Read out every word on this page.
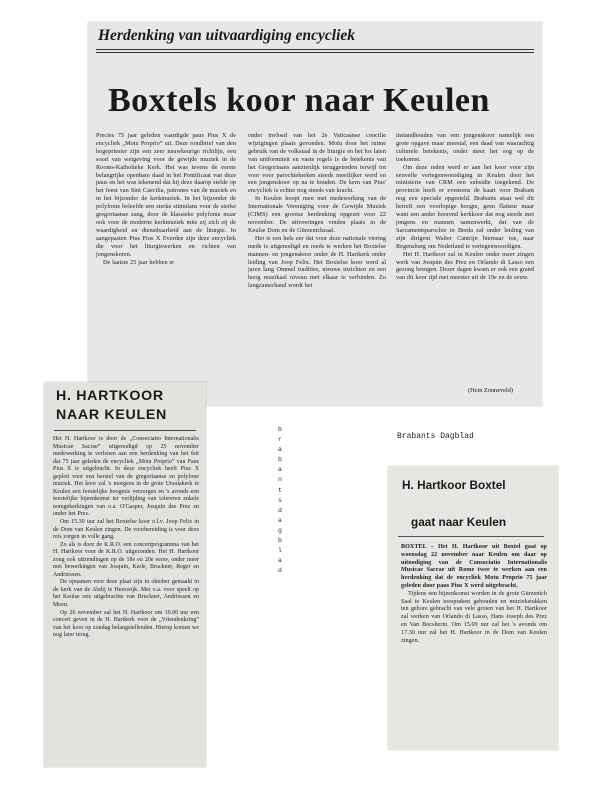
Herdenking van uitvaardiging encycliek
Boxtels koor naar Keulen

Precies 75 jaar geleden vaardigde paus Pius X de encycliek „Motu Proprio” uit. Deze rondbrief van den hogepriester zijn een zeer nauwkeurige richtlijn, een soort van wetgeving voor de gewijde muziek in de Rooms-Katholieke Kerk. Het was tevens de eerste belangrijke openbare daad in het Pontificaat van deze paus en het was tekenend dat hij deze daarop stelde op het feest van Sint Caecilia, patrones van de muziek en in het bijzonder de kerkmuziek. In het bijzonder de polyfonie beleefde een sterke stimulans voor de sterke gregoriaanse zang, door de klassieke polyfonie maar ook voor de moderne kerkmuziek mits zij zich zij de waardigheid en dienstbaarheid aan de liturgie. In aangepasten Pius Pius X Everdee zijn deze encycliek die voor het liturgiewerken en richten van jongenskoren.

De laatste 25 jaar hebben er

onder invloed van het 2e Vaticaanse concilie wijzigingen plaats gevonden. Motu door het ruime gebruik van de volkstaal in de liturgie en het los laten van uniformiteit en vaste regels is de betekenis van het Gregoriaans aanzienlijk teruggetreden terwijl tot voor voor parochiekerken steeds moeilijker werd en een jongenskoor op na te houden. De kern van Pius' encycliek is echter nog steeds van kracht.

In Keulen hoopt men met medewerking van de Internationale Vereniging voor de Gewijde Muziek (CIMS) een grootse herdenking opgezet voor 22 november. De uitvoeringen vinden plaats in de Keulse Dom en de Gürzenichzaal.

Het is een hele eer dat voor deze nationale viering mede is uitgenodigd en reeds te werken het Boxtelse mannen- en jongenskoor onder de H. Hartkerk onder leiding van Joop Felix. Het Boxtelse koor werd al jaren lang Ommel tradities, nieuwe inzichten en een hoog muzikaal niveau met elkaar te verbinden. Zo langzamerhand wordt het

instandhouden van een jongenskoor namelijk een grote opgave maar meestal, een daad van waarachtig culturele betekenis, onder meer het oog op de toekomst.

Om deze reden werd er aan het koor voor zijn eenvelle vertegenwoordiging in Keulen door het ministerie van CRM een subsidie toegekend. De provincie heeft er eveneens de kaart voor Brabant nog een speciale opgesteld. Brabants staat wel dit betreft een voorlopige hoogte, geen flatteur maar want een ander hoorend kerkkoor dat nog steeds met jongens en mannen samenwerkt, dat van de Sacramentsparochie in Breda zal onder leiding van zijn dirigent Walter Cantrijn hiernaar toe, naar Regensburg om Nederland te vertegenwoordigen.

Het H. Hartkoor zal in Keulen onder meer zingen werk van Josquin des Prez en Orlando di Lasso een gezong brengen. Dezer dagen kwam er ook een grand van dit koor tijd met meester uit de 19e en de eeuw.

(Hein Zonneveld)
H. HARTKOOR NAAR KEULEN

Het H. Hartkoor is door de „Consociatio Internationalis Musicae Sacrae” uitgenodigd op 25 november medewerking te verlenen aan een herdenking van het feit dat 75 jaar geleden de encycliek „Motu Proprio” van Paus Pius X is uitgebracht. In deze encycliek heeft Pius X gepleit voor een herstel van de gregoriaanse en polyfone muziek. Het koor zal 's morgens in de grote Ursulakerk te Keulen een feestelijke hoogmis verzorgen en 's avonds een feestelijke bijeenkomst ter verlijding van tolereren enkele nomgekerkingen van o.a. O'Gasper, Josquin des Prez en onder het Prez.

Om 15.30 uur zal het Boxtelse koor o.l.v. Joop Felix in de Dom van Keulen zingen. De voorbereiding is voor deze reis zorgen in volle gang.

Zo als is door de K.R.O. een concertprogramma van het H. Hartkoor voor de K.R.O. uitgezonden. Het H. Hartkoor zong ook uitzendingen op de 18e en 20e eeuw, onder meer met bewerkingen van Josquin, Kerle, Bruckner, Reger en Andriessen.

De opnamen voor deze plaat zijn in oktober gemaakt in de kerk van de Abdij te Heeswijk. Met o.a. voor speelt op het Keulse reis uitgebrachte van Bruckner, Andriessen en Moen.

Op 26 november zal het H. Hartkoor om 16.00 uur een concert geven in de H. Hartkerk voor de „Vriendenkring” van het koor op zondag belangstellenden. Hierop komen we nog later terug.

H. Hartkoor Boxtel
gaat naar Keulen

BOXTEL – Het H. Hartkoor uit Boxtel gaat op woensdag 22 november naar Keulen om daar op uitnodiging van de Consociatio Internationalis Musicae Sacrae uit Rome twee te werken aan een herdenking dat de encycliek Motu Proprio 75 jaar geleden door paus Pius X werd uitgebracht.

Tijdens een bijeenkomst worden in de grote Gürzenich Saal te Keulen toespraken gehouden en muziekstukken ten gehore gebracht van vele groten van het H. Hartkoor zal werken van Orlando di Lasso, Hans Joseph des Prez en Van Bocsherin. Om 15.00 uur zal het 's avonds om 17.30 uur zal het H. Hartkoor in de Dom van Keulen zingen.

Brabants Dagblad
b
r
a
b
a
n
t
s
d
a
g
b
l
a
d
